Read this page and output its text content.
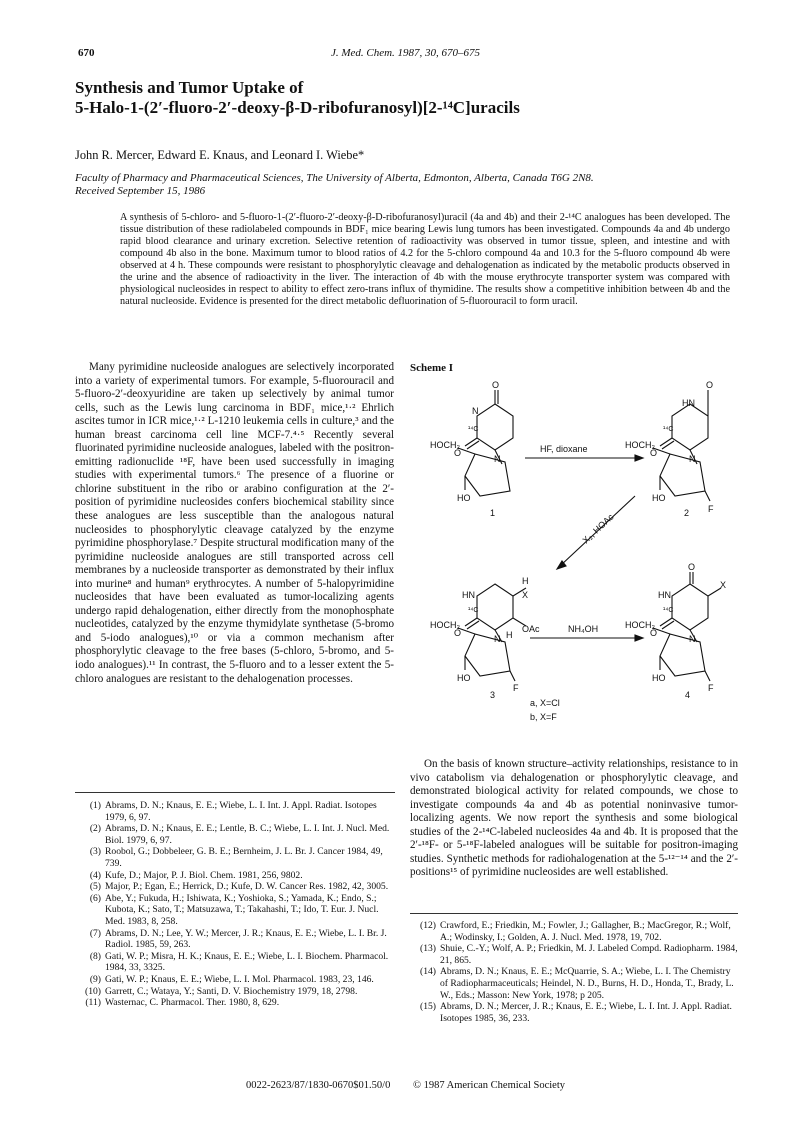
670	J. Med. Chem. 1987, 30, 670–675
Synthesis and Tumor Uptake of
5-Halo-1-(2′-fluoro-2′-deoxy-β-D-ribofuranosyl)[2-¹⁴C]uracils
John R. Mercer, Edward E. Knaus, and Leonard I. Wiebe*
Faculty of Pharmacy and Pharmaceutical Sciences, The University of Alberta, Edmonton, Alberta, Canada T6G 2N8.
Received September 15, 1986
A synthesis of 5-chloro- and 5-fluoro-1-(2′-fluoro-2′-deoxy-β-D-ribofuranosyl)uracil (4a and 4b) and their 2-¹⁴C analogues has been developed. The tissue distribution of these radiolabeled compounds in BDF₁ mice bearing Lewis lung tumors has been investigated. Compounds 4a and 4b undergo rapid blood clearance and urinary excretion. Selective retention of radioactivity was observed in tumor tissue, spleen, and intestine and with compound 4b also in the bone. Maximum tumor to blood ratios of 4.2 for the 5-chloro compound 4a and 10.3 for the 5-fluoro compound 4b were observed at 4 h. These compounds were resistant to phosphorylytic cleavage and dehalogenation as indicated by the metabolic products observed in the urine and the absence of radioactivity in the liver. The interaction of 4b with the mouse erythrocyte transporter system was compared with physiological nucleosides in respect to ability to effect zero-trans influx of thymidine. The results show a competitive inhibition between 4b and the natural nucleoside. Evidence is presented for the direct metabolic defluorination of 5-fluorouracil to form uracil.

Many pyrimidine nucleoside analogues are selectively incorporated into a variety of experimental tumors. For example, 5-fluorouracil and 5-fluoro-2′-deoxyuridine are taken up selectively by animal tumor cells, such as the Lewis lung carcinoma in BDF₁ mice,¹·² Ehrlich ascites tumor in ICR mice,¹·² L-1210 leukemia cells in culture,³ and the human breast carcinoma cell line MCF-7.⁴·⁵ Recently several fluorinated pyrimidine nucleoside analogues, labeled with the positron-emitting radionuclide ¹⁸F, have been used successfully in imaging studies with experimental tumors.⁶ The presence of a fluorine or chlorine substituent in the ribo or arabino configuration at the 2′-position of pyrimidine nucleosides confers biochemical stability since these analogues are less susceptible than the analogous natural nucleosides to phosphorylytic cleavage catalyzed by the enzyme pyrimidine phosphorylase.⁷ Despite structural modification many of the pyrimidine nucleoside analogues are still transported across cell membranes by a nucleoside transporter as demonstrated by their influx into murine⁸ and human⁹ erythrocytes. A number of 5-halopyrimidine nucleosides that have been evaluated as tumor-localizing agents undergo rapid dehalogenation, either directly from the monophosphate nucleotides, catalyzed by the enzyme thymidylate synthetase (5-bromo and 5-iodo analogues),¹⁰ or via a common mechanism after phosphorylytic cleavage to the free bases (5-chloro, 5-bromo, and 5-iodo analogues).¹¹ In contrast, the 5-fluoro and to a lesser extent the 5-chloro analogues are resistant to the dehalogenation processes.

(1) Abrams, D. N.; Knaus, E. E.; Wiebe, L. I. Int. J. Appl. Radiat. Isotopes 1979, 6, 97.
(2) Abrams, D. N.; Knaus, E. E.; Lentle, B. C.; Wiebe, L. I. Int. J. Nucl. Med. Biol. 1979, 6, 97.
(3) Roobol, G.; Dobbeleer, G. B. E.; Bernheim, J. L. Br. J. Cancer 1984, 49, 739.
(4) Kufe, D.; Major, P. J. Biol. Chem. 1981, 256, 9802.
(5) Major, P.; Egan, E.; Herrick, D.; Kufe, D. W. Cancer Res. 1982, 42, 3005.
(6) Abe, Y.; Fukuda, H.; Ishiwata, K.; Yoshioka, S.; Yamada, K.; Endo, S.; Kubota, K.; Sato, T.; Matsuzawa, T.; Takahashi, T.; Ido, T. Eur. J. Nucl. Med. 1983, 8, 258.
(7) Abrams, D. N.; Lee, Y. W.; Mercer, J. R.; Knaus, E. E.; Wiebe, L. I. Br. J. Radiol. 1985, 59, 263.
(8) Gati, W. P.; Misra, H. K.; Knaus, E. E.; Wiebe, L. I. Biochem. Pharmacol. 1984, 33, 3325.
(9) Gati, W. P.; Knaus, E. E.; Wiebe, L. I. Mol. Pharmacol. 1983, 23, 146.
(10) Garrett, C.; Wataya, Y.; Santi, D. V. Biochemistry 1979, 18, 2798.
(11) Wasternac, C. Pharmacol. Ther. 1980, 8, 629.
Scheme I
O
N
¹⁴C
O
N
HOCH₂
HO
1
O
HN
¹⁴C
O
N
HOCH₂
HO
F
2
H
X
HN
¹⁴C
O
N H
OAc
HOCH₂
HO
F
3
O
X
HN
¹⁴C
O
N
HOCH₂
HO
F
4
HF, dioxane
X₂, HOAc
NH₄OH
a, X=Cl
b, X=F

On the basis of known structure–activity relationships, resistance to in vivo catabolism via dehalogenation or phosphorylytic cleavage, and demonstrated biological activity for related compounds, we chose to investigate compounds 4a and 4b as potential noninvasive tumor-localizing agents. We now report the synthesis and some biological studies of the 2-¹⁴C-labeled nucleosides 4a and 4b. It is proposed that the 2′-¹⁸F- or 5-¹⁸F-labeled analogues will be suitable for positron-imaging studies. Synthetic methods for radiohalogenation at the 5-¹²⁻¹⁴ and the 2′-positions¹⁵ of pyrimidine nucleosides are well established.

(12) Crawford, E.; Friedkin, M.; Fowler, J.; Gallagher, B.; MacGregor, R.; Wolf, A.; Wodinsky, I.; Golden, A. J. Nucl. Med. 1978, 19, 702.
(13) Shuie, C.-Y.; Wolf, A. P.; Friedkin, M. J. Labeled Compd. Radiopharm. 1984, 21, 865.
(14) Abrams, D. N.; Knaus, E. E.; McQuarrie, S. A.; Wiebe, L. I. The Chemistry of Radiopharmaceuticals; Heindel, N. D., Burns, H. D., Honda, T., Brady, L. W., Eds.; Masson: New York, 1978; p 205.
(15) Abrams, D. N.; Mercer, J. R.; Knaus, E. E.; Wiebe, L. I. Int. J. Appl. Radiat. Isotopes 1985, 36, 233.
0022-2623/87/1830-0670$01.50/0 © 1987 American Chemical Society
